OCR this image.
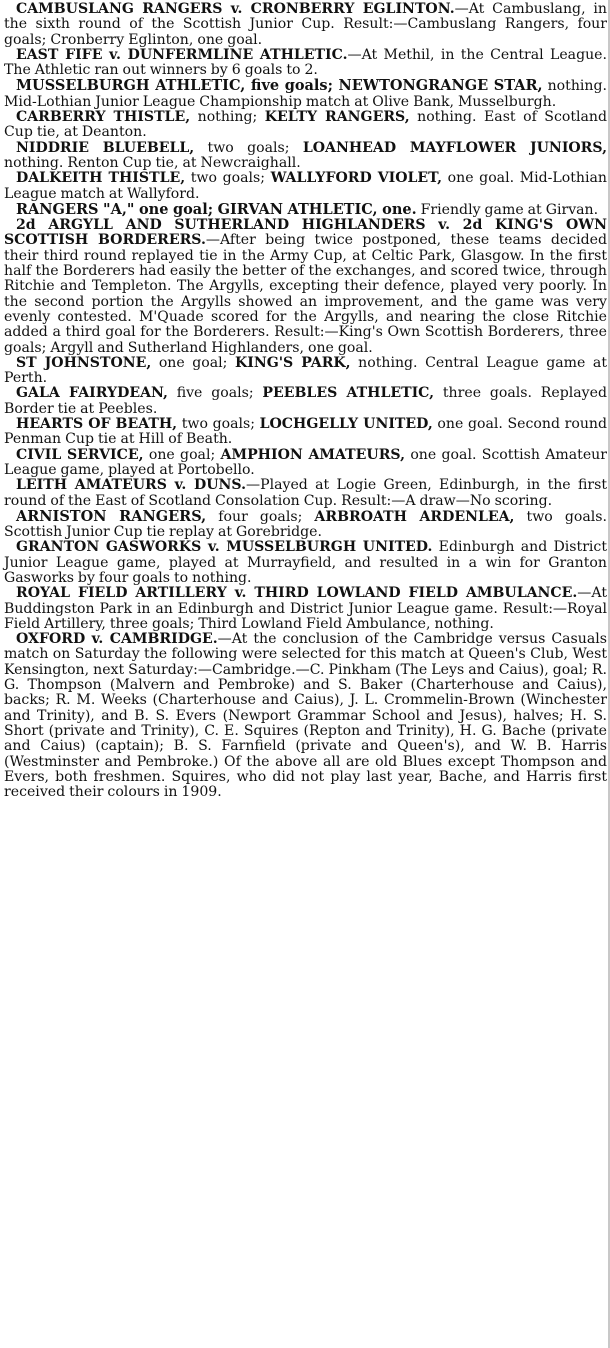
CAMBUSLANG RANGERS v. CRONBERRY EGLINTON.—At Cambuslang, in the sixth round of the Scottish Junior Cup. Result:—Cambuslang Rangers, four goals; Cronberry Eglinton, one goal.

EAST FIFE v. DUNFERMLINE ATHLETIC.—At Methil, in the Central League. The Athletic ran out winners by 6 goals to 2.

MUSSELBURGH ATHLETIC, five goals; NEWTONGRANGE STAR, nothing. Mid-Lothian Junior League Championship match at Olive Bank, Musselburgh.

CARBERRY THISTLE, nothing; KELTY RANGERS, nothing. East of Scotland Cup tie, at Deanton.

NIDDRIE BLUEBELL, two goals; LOANHEAD MAYFLOWER JUNIORS, nothing. Renton Cup tie, at Newcraighall.

DALKEITH THISTLE, two goals; WALLYFORD VIOLET, one goal. Mid-Lothian League match at Wallyford.

RANGERS "A," one goal; GIRVAN ATHLETIC, one. Friendly game at Girvan.

2d ARGYLL AND SUTHERLAND HIGHLANDERS v. 2d KING'S OWN SCOTTISH BORDERERS.—After being twice postponed, these teams decided their third round replayed tie in the Army Cup, at Celtic Park, Glasgow. In the first half the Borderers had easily the better of the exchanges, and scored twice, through Ritchie and Templeton. The Argylls, excepting their defence, played very poorly. In the second portion the Argylls showed an improvement, and the game was very evenly contested. M'Quade scored for the Argylls, and nearing the close Ritchie added a third goal for the Borderers. Result:—King's Own Scottish Borderers, three goals; Argyll and Sutherland Highlanders, one goal.

ST JOHNSTONE, one goal; KING'S PARK, nothing. Central League game at Perth.

GALA FAIRYDEAN, five goals; PEEBLES ATHLETIC, three goals. Replayed Border tie at Peebles.

HEARTS OF BEATH, two goals; LOCHGELLY UNITED, one goal. Second round Penman Cup tie at Hill of Beath.

CIVIL SERVICE, one goal; AMPHION AMATEURS, one goal. Scottish Amateur League game, played at Portobello.

LEITH AMATEURS v. DUNS.—Played at Logie Green, Edinburgh, in the first round of the East of Scotland Consolation Cup. Result:—A draw—No scoring.

ARNISTON RANGERS, four goals; ARBROATH ARDENLEA, two goals. Scottish Junior Cup tie replay at Gorebridge.

GRANTON GASWORKS v. MUSSELBURGH UNITED. Edinburgh and District Junior League game, played at Murrayfield, and resulted in a win for Granton Gasworks by four goals to nothing.

ROYAL FIELD ARTILLERY v. THIRD LOWLAND FIELD AMBULANCE.—At Buddingston Park in an Edinburgh and District Junior League game. Result:—Royal Field Artillery, three goals; Third Lowland Field Ambulance, nothing.

OXFORD v. CAMBRIDGE.—At the conclusion of the Cambridge versus Casuals match on Saturday the following were selected for this match at Queen's Club, West Kensington, next Saturday:—Cambridge.—C. Pinkham (The Leys and Caius), goal; R. G. Thompson (Malvern and Pembroke) and S. Baker (Charterhouse and Caius), backs; R. M. Weeks (Charterhouse and Caius), J. L. Crommelin-Brown (Winchester and Trinity), and B. S. Evers (Newport Grammar School and Jesus), halves; H. S. Short (private and Trinity), C. E. Squires (Repton and Trinity), H. G. Bache (private and Caius) (captain); B. S. Farnfield (private and Queen's), and W. B. Harris (Westminster and Pembroke.) Of the above all are old Blues except Thompson and Evers, both freshmen. Squires, who did not play last year, Bache, and Harris first received their colours in 1909.
